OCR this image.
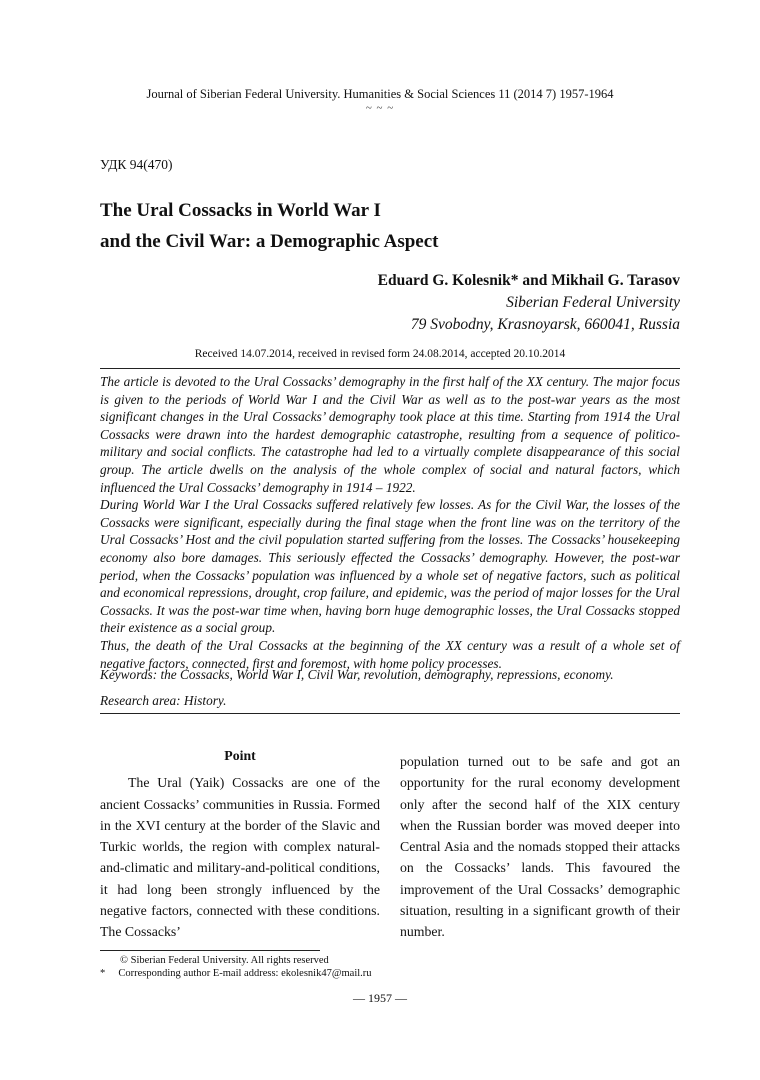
Journal of Siberian Federal University. Humanities & Social Sciences 11 (2014 7) 1957-1964
~ ~ ~
УДК 94(470)
The Ural Cossacks in World War I
and the Civil War: a Demographic Aspect
Eduard G. Kolesnik* and Mikhail G. Tarasov
Siberian Federal University
79 Svobodny, Krasnoyarsk, 660041, Russia
Received 14.07.2014, received in revised form 24.08.2014, accepted 20.10.2014

The article is devoted to the Ural Cossacks’ demography in the first half of the XX century. The major focus is given to the periods of World War I and the Civil War as well as to the post-war years as the most significant changes in the Ural Cossacks’ demography took place at this time. Starting from 1914 the Ural Cossacks were drawn into the hardest demographic catastrophe, resulting from a sequence of politico-military and social conflicts. The catastrophe had led to a virtually complete disappearance of this social group. The article dwells on the analysis of the whole complex of social and natural factors, which influenced the Ural Cossacks’ demography in 1914 – 1922.

During World War I the Ural Cossacks suffered relatively few losses. As for the Civil War, the losses of the Cossacks were significant, especially during the final stage when the front line was on the territory of the Ural Cossacks’ Host and the civil population started suffering from the losses. The Cossacks’ housekeeping economy also bore damages. This seriously effected the Cossacks’ demography. However, the post-war period, when the Cossacks’ population was influenced by a whole set of negative factors, such as political and economical repressions, drought, crop failure, and epidemic, was the period of major losses for the Ural Cossacks. It was the post-war time when, having born huge demographic losses, the Ural Cossacks stopped their existence as a social group.

Thus, the death of the Ural Cossacks at the beginning of the XX century was a result of a whole set of negative factors, connected, first and foremost, with home policy processes.

Keywords: the Cossacks, World War I, Civil War, revolution, demography, repressions, economy.
Research area: History.

Point

The Ural (Yaik) Cossacks are one of the ancient Cossacks’ communities in Russia. Formed in the XVI century at the border of the Slavic and Turkic worlds, the region with complex natural-and-climatic and military-and-political conditions, it had long been strongly influenced by the negative factors, connected with these conditions. The Cossacks’

population turned out to be safe and got an opportunity for the rural economy development only after the second half of the XIX century when the Russian border was moved deeper into Central Asia and the nomads stopped their attacks on the Cossacks’ lands. This favoured the improvement of the Ural Cossacks’ demographic situation, resulting in a significant growth of their number.

© Siberian Federal University. All rights reserved
*     Corresponding author E-mail address: ekolesnik47@mail.ru
— 1957 —
